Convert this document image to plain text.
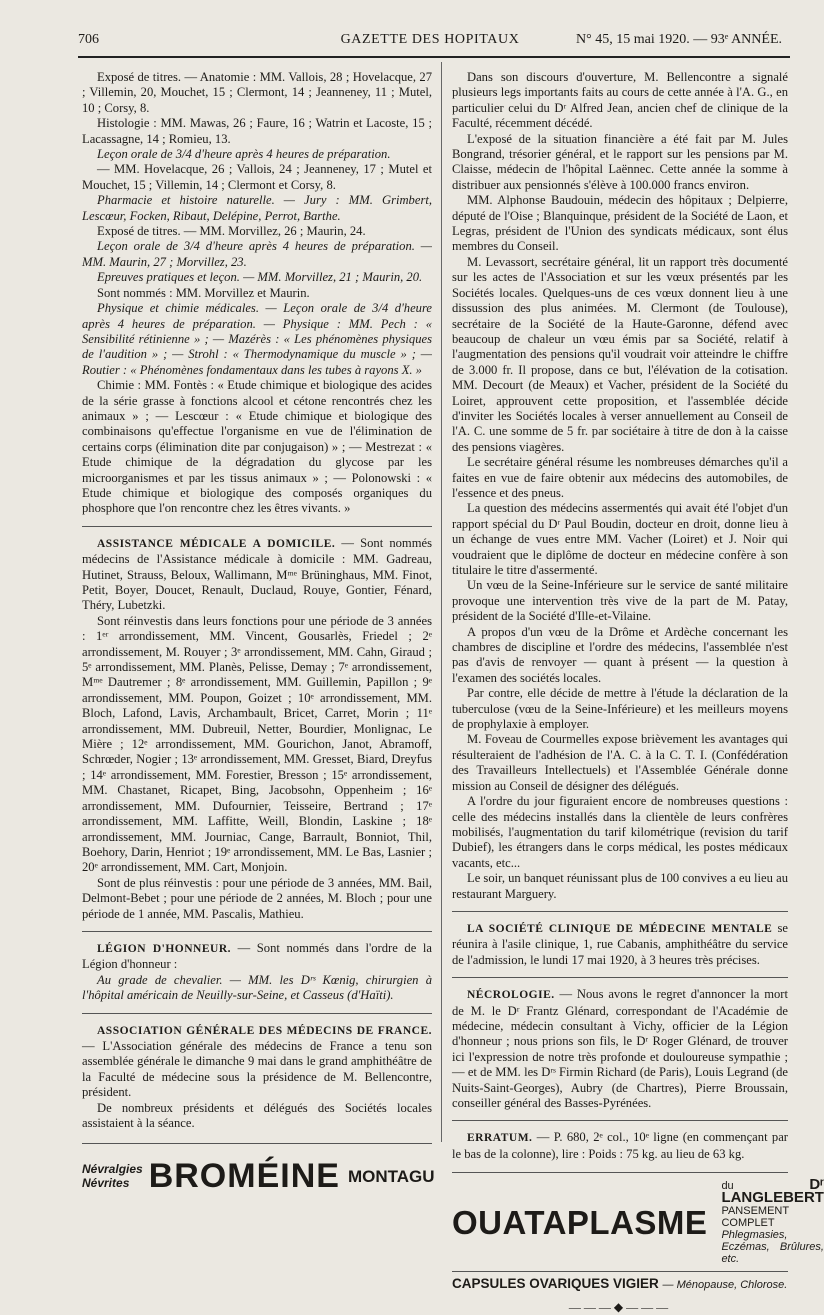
706	GAZETTE DES HOPITAUX	N° 45, 15 mai 1920. — 93ᵉ ANNÉE.

Exposé de titres. — Anatomie : MM. Vallois, 28 ; Hovelacque, 27 ; Villemin, 20, Mouchet, 15 ; Clermont, 14 ; Jeanneney, 11 ; Mutel, 10 ; Corsy, 8.

Histologie : MM. Mawas, 26 ; Faure, 16 ; Watrin et Lacoste, 15 ; Lacassagne, 14 ; Romieu, 13.

Leçon orale de 3/4 d'heure après 4 heures de préparation.

— MM. Hovelacque, 26 ; Vallois, 24 ; Jeanneney, 17 ; Mutel et Mouchet, 15 ; Villemin, 14 ; Clermont et Corsy, 8.

Pharmacie et histoire naturelle. — Jury : MM. Grimbert, Lescœur, Focken, Ribaut, Delépine, Perrot, Barthe.

Exposé de titres. — MM. Morvillez, 26 ; Maurin, 24.

Leçon orale de 3/4 d'heure après 4 heures de préparation. — MM. Maurin, 27 ; Morvillez, 23.

Epreuves pratiques et leçon. — MM. Morvillez, 21 ; Maurin, 20.

Sont nommés : MM. Morvillez et Maurin.

Physique et chimie médicales. — Leçon orale de 3/4 d'heure après 4 heures de préparation. — Physique : MM. Pech : « Sensibilité rétinienne » ; — Mazérès : « Les phénomènes physiques de l'audition » ; — Strohl : « Thermodynamique du muscle » ; — Routier : « Phénomènes fondamentaux dans les tubes à rayons X. »

Chimie : MM. Fontès : « Etude chimique et biologique des acides de la série grasse à fonctions alcool et cétone rencontrés chez les animaux » ; — Lescœur : « Etude chimique et biologique des combinaisons qu'effectue l'organisme en vue de l'élimination de certains corps (élimination dite par conjugaison) » ; — Mestrezat : « Etude chimique de la dégradation du glycose par les microorganismes et par les tissus animaux » ; — Polonowski : « Etude chimique et biologique des composés organiques du phosphore que l'on rencontre chez les êtres vivants. »

ASSISTANCE MÉDICALE A DOMICILE. — Sont nommés médecins de l'Assistance médicale à domicile : MM. Gadreau, Hutinet, Strauss, Beloux, Wallimann, Mᵐᵉ Brüninghaus, MM. Finot, Petit, Boyer, Doucet, Renault, Duclaud, Rouye, Gontier, Fénard, Théry, Lubetzki.

Sont réinvestis dans leurs fonctions pour une période de 3 années : 1ᵉʳ arrondissement, MM. Vincent, Gousarlès, Friedel ; 2ᵉ arrondissement, M. Rouyer ; 3ᵉ arrondissement, MM. Cahn, Giraud ; 5ᵉ arrondissement, MM. Planès, Pelisse, Demay ; 7ᵉ arrondissement, Mᵐᵉ Dautremer ; 8ᵉ arrondissement, MM. Guillemin, Papillon ; 9ᵉ arrondissement, MM. Poupon, Goizet ; 10ᵉ arrondissement, MM. Bloch, Lafond, Lavis, Archambault, Bricet, Carret, Morin ; 11ᵉ arrondissement, MM. Dubreuil, Netter, Bourdier, Monlignac, Le Mière ; 12ᵉ arrondissement, MM. Gourichon, Janot, Abramoff, Schrœder, Nogier ; 13ᵉ arrondissement, MM. Gresset, Biard, Dreyfus ; 14ᵉ arrondissement, MM. Forestier, Bresson ; 15ᵉ arrondissement, MM. Chastanet, Ricapet, Bing, Jacobsohn, Oppenheim ; 16ᵉ arrondissement, MM. Dufournier, Teisseire, Bertrand ; 17ᵉ arrondissement, MM. Laffitte, Weill, Blondin, Laskine ; 18ᵉ arrondissement, MM. Journiac, Cange, Barrault, Bonniot, Thil, Boehory, Darin, Henriot ; 19ᵉ arrondissement, MM. Le Bas, Lasnier ; 20ᵉ arrondissement, MM. Cart, Monjoin.

Sont de plus réinvestis : pour une période de 3 années, MM. Bail, Delmont-Bebet ; pour une période de 2 années, M. Bloch ; pour une période de 1 année, MM. Pascalis, Mathieu.

LÉGION D'HONNEUR. — Sont nommés dans l'ordre de la Légion d'honneur :

Au grade de chevalier. — MM. les Dʳˢ Kœnig, chirurgien à l'hôpital américain de Neuilly-sur-Seine, et Casseus (d'Haïti).

ASSOCIATION GÉNÉRALE DES MÉDECINS DE FRANCE. — L'Association générale des médecins de France a tenu son assemblée générale le dimanche 9 mai dans le grand amphithéâtre de la Faculté de médecine sous la présidence de M. Bellencontre, président.

De nombreux présidents et délégués des Sociétés locales assistaient à la séance.

Névralgies Névrites BROMÉINE MONTAGU

Dans son discours d'ouverture, M. Bellencontre a signalé plusieurs legs importants faits au cours de cette année à l'A. G., en particulier celui du Dʳ Alfred Jean, ancien chef de clinique de la Faculté, récemment décédé.

L'exposé de la situation financière a été fait par M. Jules Bongrand, trésorier général, et le rapport sur les pensions par M. Claisse, médecin de l'hôpital Laënnec. Cette année la somme à distribuer aux pensionnés s'élève à 100.000 francs environ.

MM. Alphonse Baudouin, médecin des hôpitaux ; Delpierre, député de l'Oise ; Blanquinque, président de la Société de Laon, et Legras, président de l'Union des syndicats médicaux, sont élus membres du Conseil.

M. Levassort, secrétaire général, lit un rapport très documenté sur les actes de l'Association et sur les vœux présentés par les Sociétés locales. Quelques-uns de ces vœux donnent lieu à une dissussion des plus animées. M. Clermont (de Toulouse), secrétaire de la Société de la Haute-Garonne, défend avec beaucoup de chaleur un vœu émis par sa Société, relatif à l'augmentation des pensions qu'il voudrait voir atteindre le chiffre de 3.000 fr. Il propose, dans ce but, l'élévation de la cotisation. MM. Decourt (de Meaux) et Vacher, président de la Société du Loiret, approuvent cette proposition, et l'assemblée décide d'inviter les Sociétés locales à verser annuellement au Conseil de l'A. C. une somme de 5 fr. par sociétaire à titre de don à la caisse des pensions viagères.

Le secrétaire général résume les nombreuses démarches qu'il a faites en vue de faire obtenir aux médecins des automobiles, de l'essence et des pneus.

La question des médecins assermentés qui avait été l'objet d'un rapport spécial du Dʳ Paul Boudin, docteur en droit, donne lieu à un échange de vues entre MM. Vacher (Loiret) et J. Noir qui voudraient que le diplôme de docteur en médecine confère à son titulaire le titre d'assermenté.

Un vœu de la Seine-Inférieure sur le service de santé militaire provoque une intervention très vive de la part de M. Patay, président de la Société d'Ille-et-Vilaine.

A propos d'un vœu de la Drôme et Ardèche concernant les chambres de discipline et l'ordre des médecins, l'assemblée n'est pas d'avis de renvoyer — quant à présent — la question à l'examen des sociétés locales.

Par contre, elle décide de mettre à l'étude la déclaration de la tuberculose (vœu de la Seine-Inférieure) et les meilleurs moyens de prophylaxie à employer.

M. Foveau de Courmelles expose brièvement les avantages qui résulteraient de l'adhésion de l'A. C. à la C. T. I. (Confédération des Travailleurs Intellectuels) et l'Assemblée Générale donne mission au Conseil de désigner des délégués.

A l'ordre du jour figuraient encore de nombreuses questions : celle des médecins installés dans la clientèle de leurs confrères mobilisés, l'augmentation du tarif kilométrique (revision du tarif Dubief), les étrangers dans le corps médical, les postes médicaux vacants, etc...

Le soir, un banquet réunissant plus de 100 convives a eu lieu au restaurant Marguery.

LA SOCIÉTÉ CLINIQUE DE MÉDECINE MENTALE se réunira à l'asile clinique, 1, rue Cabanis, amphithéâtre du service de l'admission, le lundi 17 mai 1920, à 3 heures très précises.

NÉCROLOGIE. — Nous avons le regret d'annoncer la mort de M. le Dʳ Frantz Glénard, correspondant de l'Académie de médecine, médecin consultant à Vichy, officier de la Légion d'honneur ; nous prions son fils, le Dʳ Roger Glénard, de trouver ici l'expression de notre très profonde et douloureuse sympathie ; — et de MM. les Dʳˢ Firmin Richard (de Paris), Louis Legrand (de Nuits-Saint-Georges), Aubry (de Chartres), Pierre Broussain, conseiller général des Basses-Pyrénées.

ERRATUM. — P. 680, 2ᵉ col., 10ᵉ ligne (en commençant par le bas de la colonne), lire : Poids : 75 kg. au lieu de 63 kg.

OUATAPLASME
du Dʳ LANGLEBERT
PANSEMENT COMPLET
Phlegmasies, Eczémas, Brûlures, etc.
CAPSULES OVARIQUES VIGIER — Ménopause, Chlorose.
———◆———
